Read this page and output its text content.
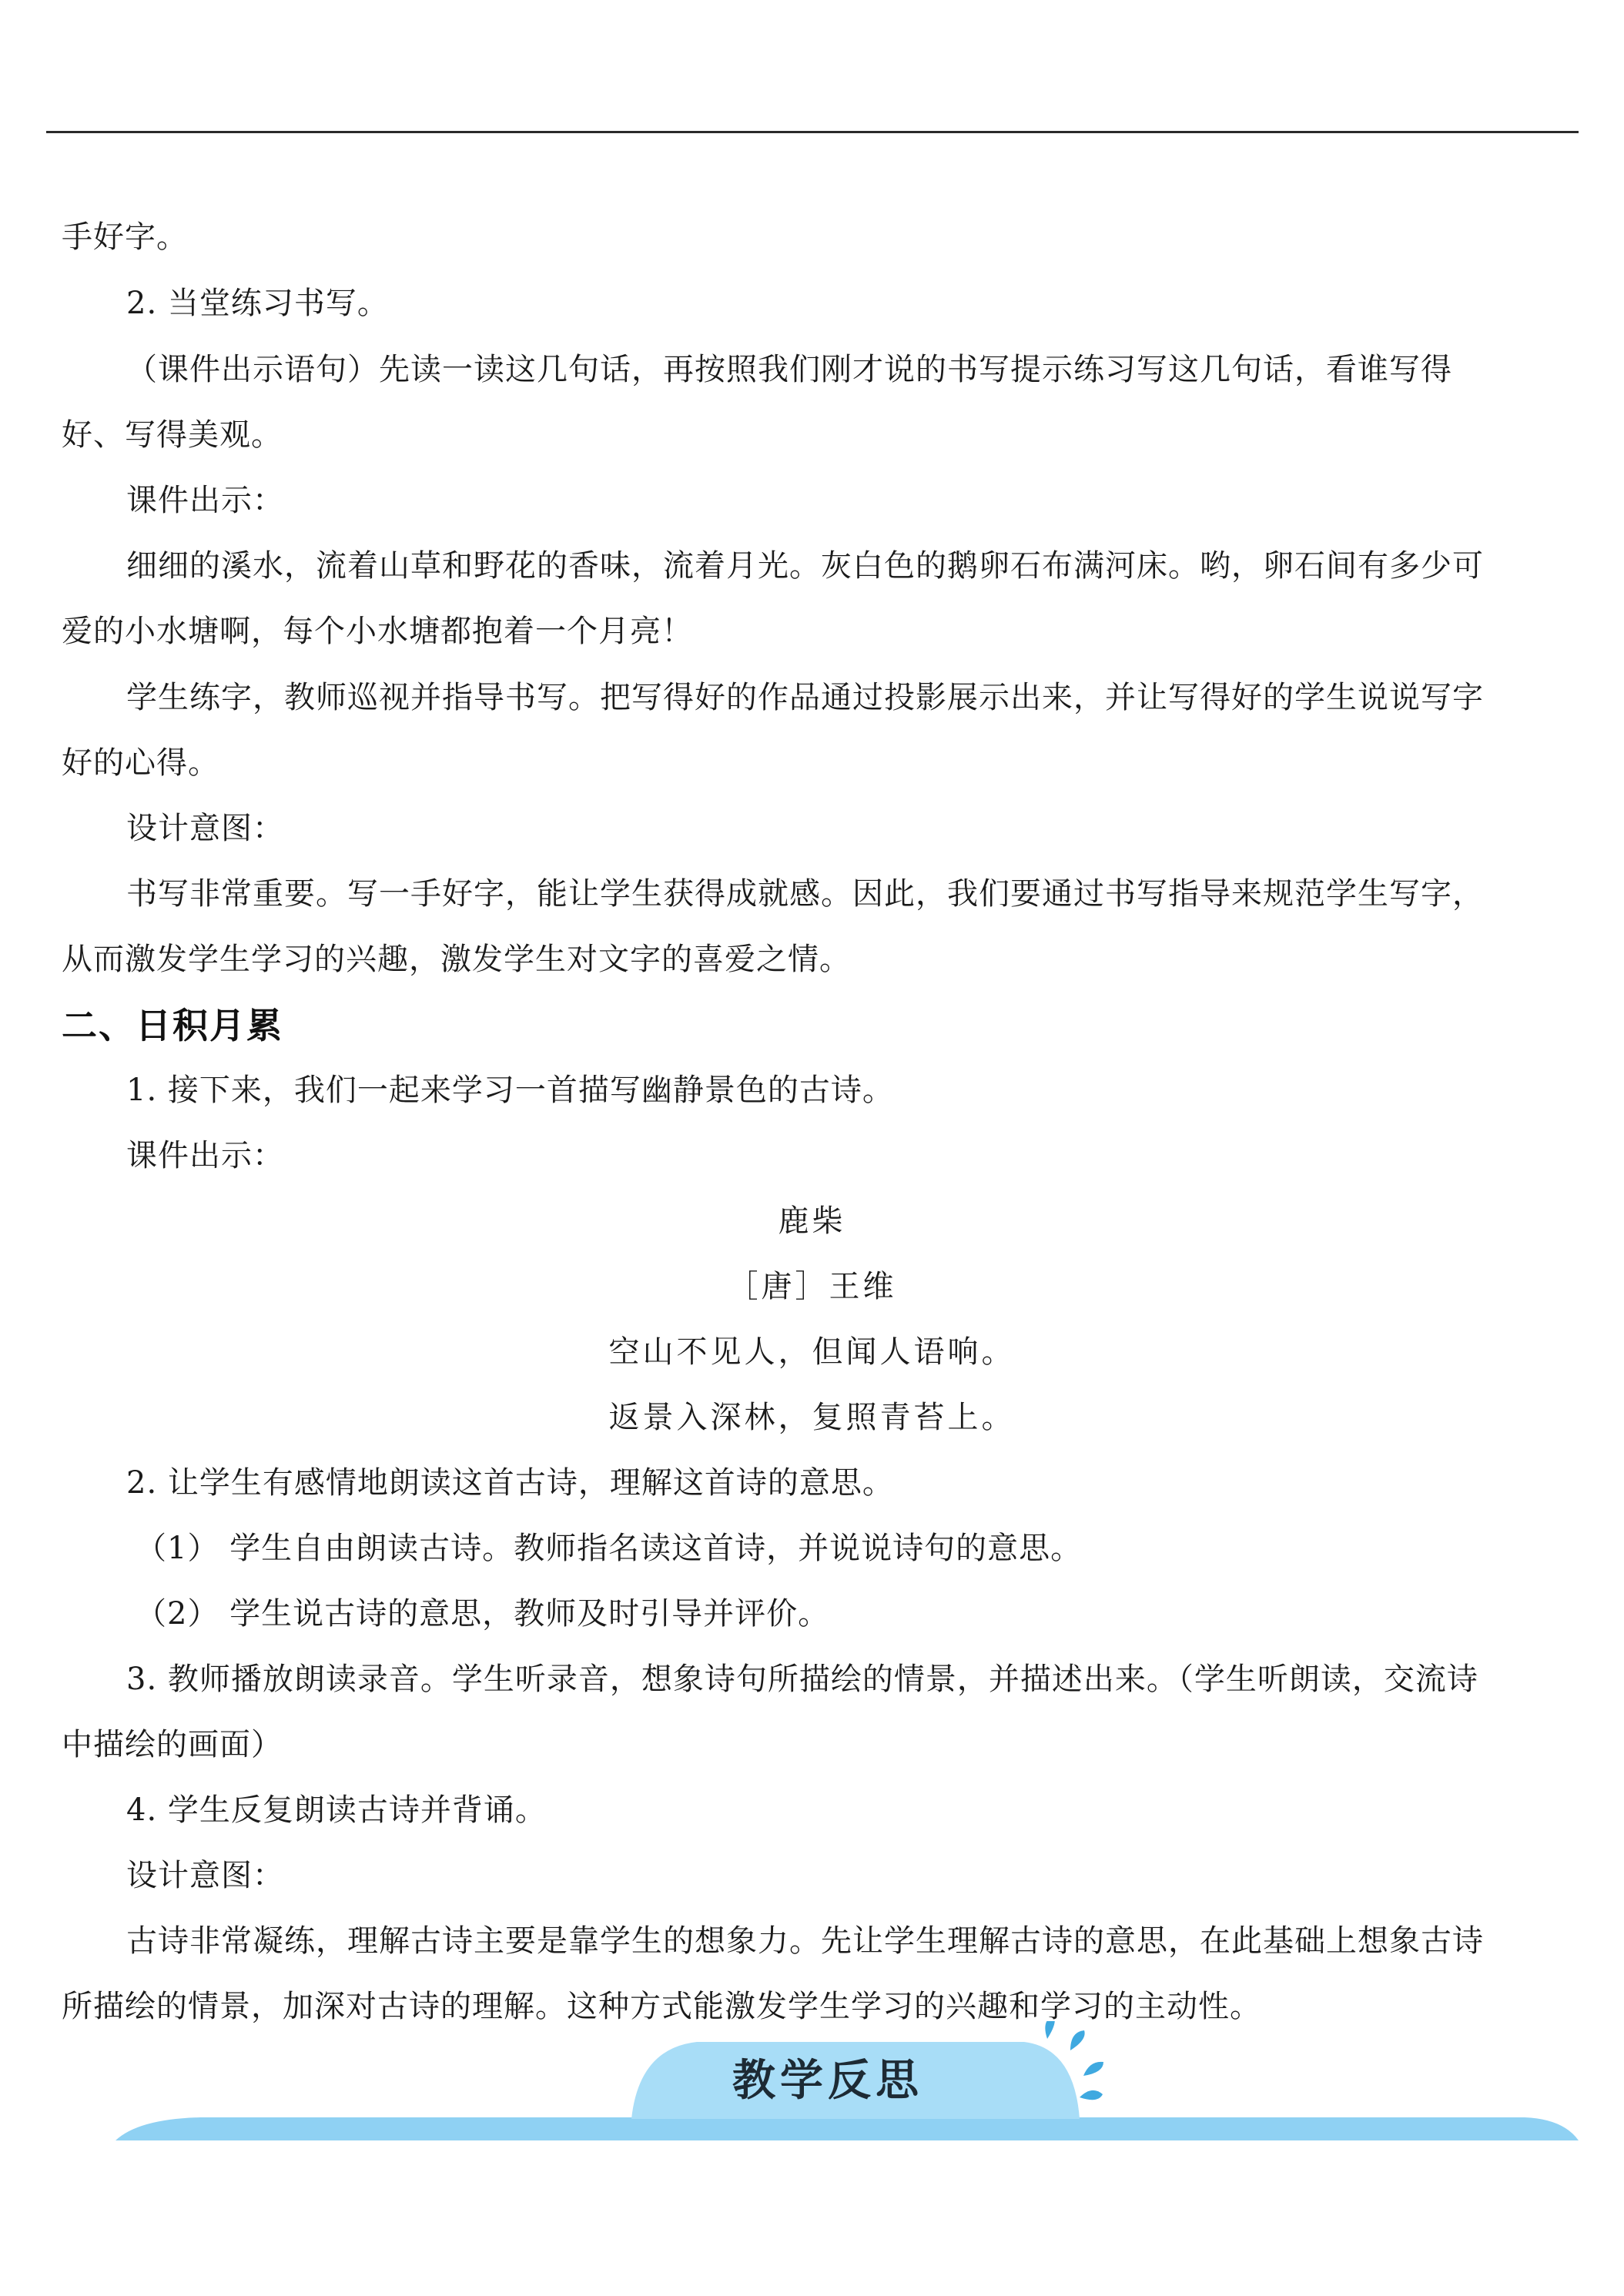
手好字。
2. 当堂练习书写。
（课件出示语句）先读一读这几句话，再按照我们刚才说的书写提示练习写这几句话，看谁写得
好、写得美观。
课件出示：
细细的溪水，流着山草和野花的香味，流着月光。灰白色的鹅卵石布满河床。哟，卵石间有多少可
爱的小水塘啊，每个小水塘都抱着一个月亮！
学生练字，教师巡视并指导书写。把写得好的作品通过投影展示出来，并让写得好的学生说说写字
好的心得。
设计意图：
书写非常重要。写一手好字，能让学生获得成就感。因此，我们要通过书写指导来规范学生写字，
从而激发学生学习的兴趣，激发学生对文字的喜爱之情。
二、日积月累
1. 接下来，我们一起来学习一首描写幽静景色的古诗。
课件出示：
鹿柴
［唐］王维
空山不见人，但闻人语响。
返景入深林，复照青苔上。
2. 让学生有感情地朗读这首古诗，理解这首诗的意思。
（1） 学生自由朗读古诗。教师指名读这首诗，并说说诗句的意思。
（2） 学生说古诗的意思，教师及时引导并评价。
3. 教师播放朗读录音。学生听录音，想象诗句所描绘的情景，并描述出来。（学生听朗读，交流诗
中描绘的画面）
4. 学生反复朗读古诗并背诵。
设计意图：
古诗非常凝练，理解古诗主要是靠学生的想象力。先让学生理解古诗的意思，在此基础上想象古诗
所描绘的情景，加深对古诗的理解。这种方式能激发学生学习的兴趣和学习的主动性。
教学反思
